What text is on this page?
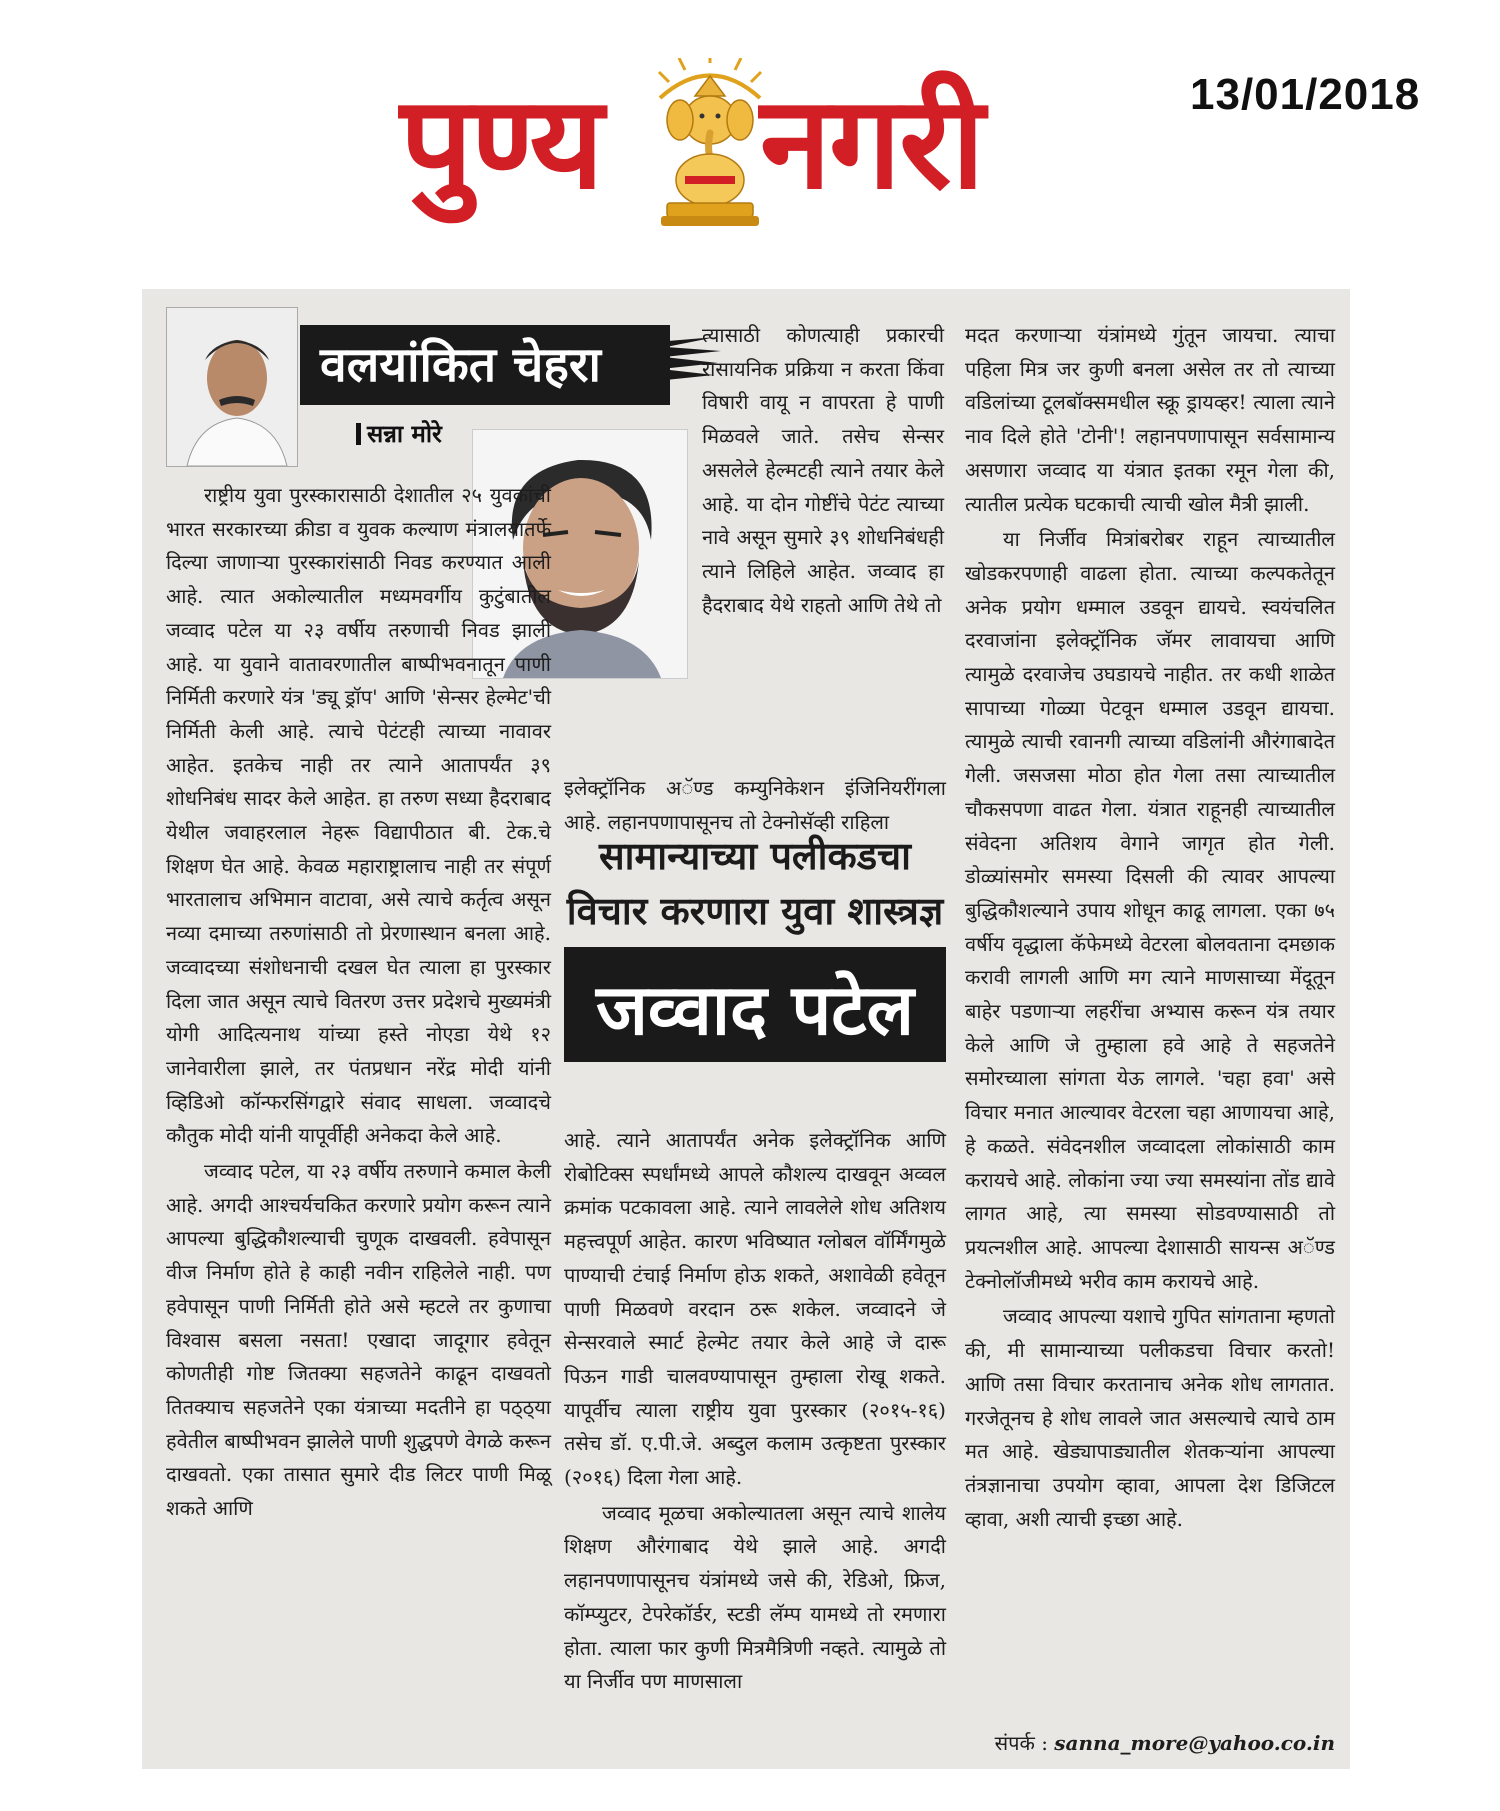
पुण्य नगरी	13/01/2018
वलयांकित चेहरा
सन्ना मोरे

राष्ट्रीय युवा पुरस्कारासाठी देशातील २५ युवकांची भारत सरकारच्या क्रीडा व युवक कल्याण मंत्रालयातर्फे दिल्या जाणाऱ्या पुरस्कारांसाठी निवड करण्यात आली आहे. त्यात अकोल्यातील मध्यमवर्गीय कुटुंबातील जव्वाद पटेल या २३ वर्षीय तरुणाची निवड झाली आहे. या युवाने वातावरणातील बाष्पीभवनातून पाणी निर्मिती करणारे यंत्र 'ड्यू ड्रॉप' आणि 'सेन्सर हेल्मेट'ची निर्मिती केली आहे. त्याचे पेटंटही त्याच्या नावावर आहेत. इतकेच नाही तर त्याने आतापर्यंत ३९ शोधनिबंध सादर केले आहेत. हा तरुण सध्या हैदराबाद येथील जवाहरलाल नेहरू विद्यापीठात बी. टेक.चे शिक्षण घेत आहे. केवळ महाराष्ट्रालाच नाही तर संपूर्ण भारतालाच अभिमान वाटावा, असे त्याचे कर्तृत्व असून नव्या दमाच्या तरुणांसाठी तो प्रेरणास्थान बनला आहे. जव्वादच्या संशोधनाची दखल घेत त्याला हा पुरस्कार दिला जात असून त्याचे वितरण उत्तर प्रदेशचे मुख्यमंत्री योगी आदित्यनाथ यांच्या हस्ते नोएडा येथे १२ जानेवारीला झाले, तर पंतप्रधान नरेंद्र मोदी यांनी व्हिडिओ कॉन्फरसिंगद्वारे संवाद साधला. जव्वादचे कौतुक मोदी यांनी यापूर्वीही अनेकदा केले आहे.

जव्वाद पटेल, या २३ वर्षीय तरुणाने कमाल केली आहे. अगदी आश्चर्यचकित करणारे प्रयोग करून त्याने आपल्या बुद्धिकौशल्याची चुणूक दाखवली. हवेपासून वीज निर्माण होते हे काही नवीन राहिलेले नाही. पण हवेपासून पाणी निर्मिती होते असे म्हटले तर कुणाचा विश्वास बसला नसता! एखादा जादूगार हवेतून कोणतीही गोष्ट जितक्या सहजतेने काढून दाखवतो तितक्याच सहजतेने एका यंत्राच्या मदतीने हा पठ्ठ्या हवेतील बाष्पीभवन झालेले पाणी शुद्धपणे वेगळे करून दाखवतो. एका तासात सुमारे दीड लिटर पाणी मिळू शकते आणि

त्यासाठी कोणत्याही प्रकारची रासायनिक प्रक्रिया न करता किंवा विषारी वायू न वापरता हे पाणी मिळवले जाते. तसेच सेन्सर असलेले हेल्मटही त्याने तयार केले आहे. या दोन गोष्टींचे पेटंट त्याच्या नावे असून सुमारे ३९ शोधनिबंधही त्याने लिहिले आहेत. जव्वाद हा हैदराबाद येथे राहतो आणि तेथे तो

इलेक्ट्रॉनिक अॅण्ड कम्युनिकेशन इंजिनियरींगला आहे. लहानपणापासूनच तो टेक्नोसॅव्ही राहिला

सामान्याच्या पलीकडचा
विचार करणारा युवा शास्त्रज्ञ
जव्वाद पटेल

आहे. त्याने आतापर्यंत अनेक इलेक्ट्रॉनिक आणि रोबोटिक्स स्पर्धांमध्ये आपले कौशल्य दाखवून अव्वल क्रमांक पटकावला आहे. त्याने लावलेले शोध अतिशय महत्त्वपूर्ण आहेत. कारण भविष्यात ग्लोबल वॉर्मिंगमुळे पाण्याची टंचाई निर्माण होऊ शकते, अशावेळी हवेतून पाणी मिळवणे वरदान ठरू शकेल. जव्वादने जे सेन्सरवाले स्मार्ट हेल्मेट तयार केले आहे जे दारू पिऊन गाडी चालवण्यापासून तुम्हाला रोखू शकते. यापूर्वीच त्याला राष्ट्रीय युवा पुरस्कार (२०१५-१६) तसेच डॉ. ए.पी.जे. अब्दुल कलाम उत्कृष्टता पुरस्कार (२०१६) दिला गेला आहे.

जव्वाद मूळचा अकोल्यातला असून त्याचे शालेय शिक्षण औरंगाबाद येथे झाले आहे. अगदी लहानपणापासूनच यंत्रांमध्ये जसे की, रेडिओ, फ्रिज, कॉम्प्युटर, टेपरेकॉर्डर, स्टडी लॅम्प यामध्ये तो रमणारा होता. त्याला फार कुणी मित्रमैत्रिणी नव्हते. त्यामुळे तो या निर्जीव पण माणसाला

मदत करणाऱ्या यंत्रांमध्ये गुंतून जायचा. त्याचा पहिला मित्र जर कुणी बनला असेल तर तो त्याच्या वडिलांच्या टूलबॉक्समधील स्क्रू ड्रायव्हर! त्याला त्याने नाव दिले होते 'टोनी'! लहानपणापासून सर्वसामान्य असणारा जव्वाद या यंत्रात इतका रमून गेला की, त्यातील प्रत्येक घटकाची त्याची खोल मैत्री झाली.

या निर्जीव मित्रांबरोबर राहून त्याच्यातील खोडकरपणाही वाढला होता. त्याच्या कल्पकतेतून अनेक प्रयोग धम्माल उडवून द्यायचे. स्वयंचलित दरवाजांना इलेक्ट्रॉनिक जॅमर लावायचा आणि त्यामुळे दरवाजेच उघडायचे नाहीत. तर कधी शाळेत सापाच्या गोळ्या पेटवून धम्माल उडवून द्यायचा. त्यामुळे त्याची रवानगी त्याच्या वडिलांनी औरंगाबादेत गेली. जसजसा मोठा होत गेला तसा त्याच्यातील चौकसपणा वाढत गेला. यंत्रात राहूनही त्याच्यातील संवेदना अतिशय वेगाने जागृत होत गेली. डोळ्यांसमोर समस्या दिसली की त्यावर आपल्या बुद्धिकौशल्याने उपाय शोधून काढू लागला. एका ७५ वर्षीय वृद्धाला कॅफेमध्ये वेटरला बोलवताना दमछाक करावी लागली आणि मग त्याने माणसाच्या मेंदूतून बाहेर पडणाऱ्या लहरींचा अभ्यास करून यंत्र तयार केले आणि जे तुम्हाला हवे आहे ते सहजतेने समोरच्याला सांगता येऊ लागले. 'चहा हवा' असे विचार मनात आल्यावर वेटरला चहा आणायचा आहे, हे कळते. संवेदनशील जव्वादला लोकांसाठी काम करायचे आहे. लोकांना ज्या ज्या समस्यांना तोंड द्यावे लागत आहे, त्या समस्या सोडवण्यासाठी तो प्रयत्नशील आहे. आपल्या देशासाठी सायन्स अॅण्ड टेक्नोलॉजीमध्ये भरीव काम करायचे आहे.

जव्वाद आपल्या यशाचे गुपित सांगताना म्हणतो की, मी सामान्याच्या पलीकडचा विचार करतो! आणि तसा विचार करतानाच अनेक शोध लागतात. गरजेतूनच हे शोध लावले जात असल्याचे त्याचे ठाम मत आहे. खेड्यापाड्यातील शेतकऱ्यांना आपल्या तंत्रज्ञानाचा उपयोग व्हावा, आपला देश डिजिटल व्हावा, अशी त्याची इच्छा आहे.

संपर्क : sanna_more@yahoo.co.in
